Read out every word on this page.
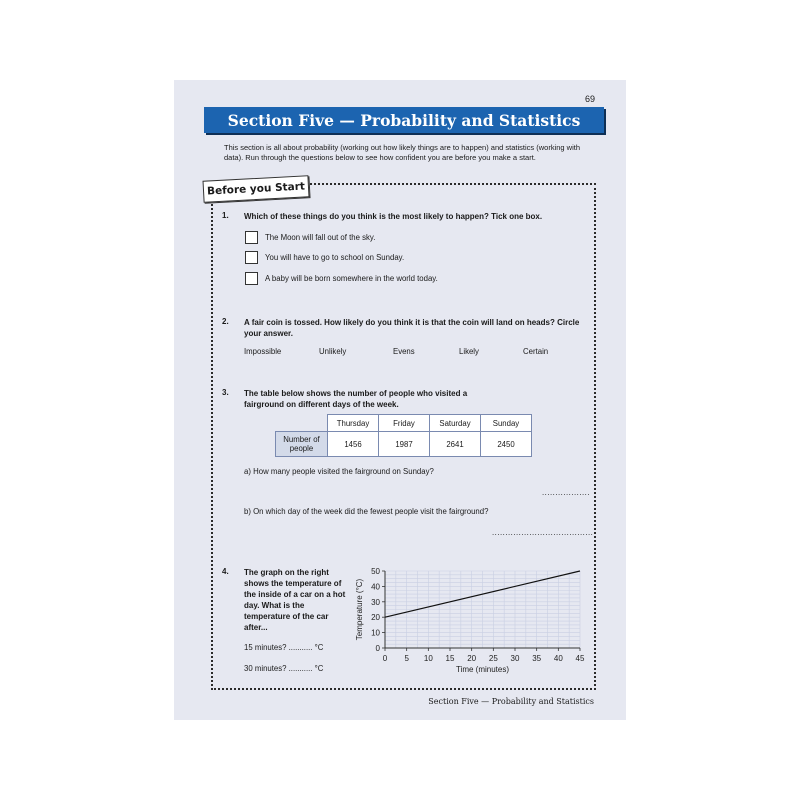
69
Section Five — Probability and Statistics
This section is all about probability (working out how likely things are to happen) and statistics (working with data). Run through the questions below to see how confident you are before you make a start.
Before you Start
1. Which of these things do you think is the most likely to happen? Tick one box.
The Moon will fall out of the sky.
You will have to go to school on Sunday.
A baby will be born somewhere in the world today.
2. A fair coin is tossed. How likely do you think it is that the coin will land on heads? Circle your answer.
Impossible	Unlikely	Evens	Likely	Certain
3. The table below shows the number of people who visited a fairground on different days of the week.
	Thursday	Friday	Saturday	Sunday
Number of people	1456	1987	2641	2450
a) How many people visited the fairground on Sunday?
..................
b) On which day of the week did the fewest people visit the fairground?
......................................
4. The graph on the right shows the temperature of the inside of a car on a hot day. What is the temperature of the car after...
15 minutes? ........... °C
30 minutes? ........... °C
0 5 10 15 20 25 30 35 40 45
0
10
20
30
40
50
Time (minutes)
Temperature (°C)
Section Five — Probability and Statistics
